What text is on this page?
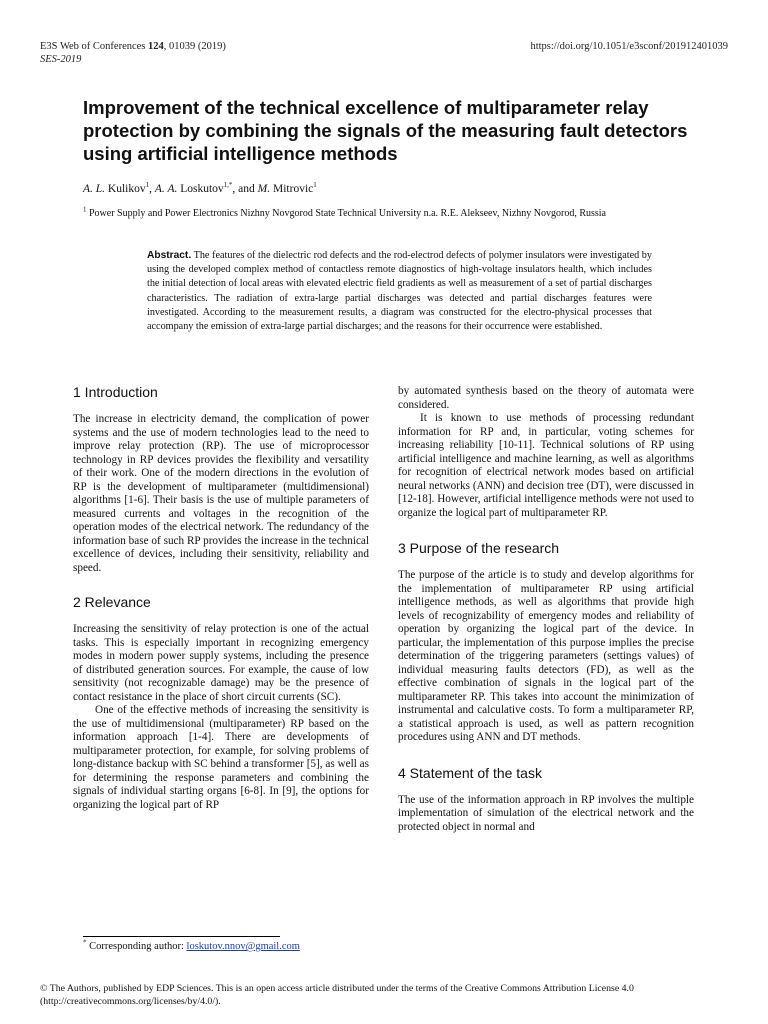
E3S Web of Conferences 124, 01039 (2019)
SES-2019
https://doi.org/10.1051/e3sconf/201912401039
Improvement of the technical excellence of multiparameter relay protection by combining the signals of the measuring fault detectors using artificial intelligence methods
A. L. Kulikov$^1$, A. A. Loskutov$^{1,*}$, and M. Mitrovic$^1$
$^1$ Power Supply and Power Electronics Nizhny Novgorod State Technical University n.a. R.E. Alekseev, Nizhny Novgorod, Russia
Abstract. The features of the dielectric rod defects and the rod-electrod defects of polymer insulators were investigated by using the developed complex method of contactless remote diagnostics of high-voltage insulators health, which includes the initial detection of local areas with elevated electric field gradients as well as measurement of a set of partial discharges characteristics. The radiation of extra-large partial discharges was detected and partial discharges features were investigated. According to the measurement results, a diagram was constructed for the electro-physical processes that accompany the emission of extra-large partial discharges; and the reasons for their occurrence were established.
1 Introduction

The increase in electricity demand, the complication of power systems and the use of modern technologies lead to the need to improve relay protection (RP). The use of microprocessor technology in RP devices provides the flexibility and versatility of their work. One of the modern directions in the evolution of RP is the development of multiparameter (multidimensional) algorithms [1-6]. Their basis is the use of multiple parameters of measured currents and voltages in the recognition of the operation modes of the electrical network. The redundancy of the information base of such RP provides the increase in the technical excellence of devices, including their sensitivity, reliability and speed.

2 Relevance

Increasing the sensitivity of relay protection is one of the actual tasks. This is especially important in recognizing emergency modes in modern power supply systems, including the presence of distributed generation sources. For example, the cause of low sensitivity (not recognizable damage) may be the presence of contact resistance in the place of short circuit currents (SC).

One of the effective methods of increasing the sensitivity is the use of multidimensional (multiparameter) RP based on the information approach [1-4]. There are developments of multiparameter protection, for example, for solving problems of long-distance backup with SC behind a transformer [5], as well as for determining the response parameters and combining the signals of individual starting organs [6-8]. In [9], the options for organizing the logical part of RP

by automated synthesis based on the theory of automata were considered.

It is known to use methods of processing redundant information for RP and, in particular, voting schemes for increasing reliability [10-11]. Technical solutions of RP using artificial intelligence and machine learning, as well as algorithms for recognition of electrical network modes based on artificial neural networks (ANN) and decision tree (DT), were discussed in [12-18]. However, artificial intelligence methods were not used to organize the logical part of multiparameter RP.

3 Purpose of the research

The purpose of the article is to study and develop algorithms for the implementation of multiparameter RP using artificial intelligence methods, as well as algorithms that provide high levels of recognizability of emergency modes and reliability of operation by organizing the logical part of the device. In particular, the implementation of this purpose implies the precise determination of the triggering parameters (settings values) of individual measuring faults detectors (FD), as well as the effective combination of signals in the logical part of the multiparameter RP. This takes into account the minimization of instrumental and calculative costs. To form a multiparameter RP, a statistical approach is used, as well as pattern recognition procedures using ANN and DT methods.

4 Statement of the task

The use of the information approach in RP involves the multiple implementation of simulation of the electrical network and the protected object in normal and

* Corresponding author: loskutov.nnov@gmail.com
© The Authors, published by EDP Sciences. This is an open access article distributed under the terms of the Creative Commons Attribution License 4.0 (http://creativecommons.org/licenses/by/4.0/).
